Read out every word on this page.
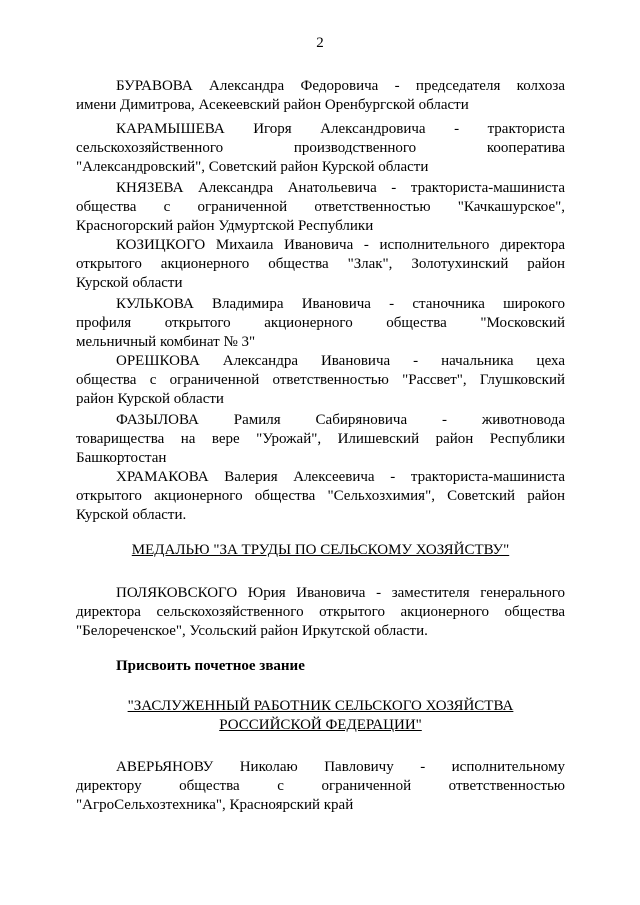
2
БУРАВОВА Александра Федоровича - председателя колхоза
имени Димитрова, Асекеевский район Оренбургской области
КАРАМЫШЕВА Игоря Александровича - тракториста
сельскохозяйственного производственного кооператива
"Александровский", Советский район Курской области
КНЯЗЕВА Александра Анатольевича - тракториста-машиниста
общества с ограниченной ответственностью "Качкашурское",
Красногорский район Удмуртской Республики
КОЗИЦКОГО Михаила Ивановича - исполнительного директора
открытого акционерного общества "Злак", Золотухинский район
Курской области
КУЛЬКОВА Владимира Ивановича - станочника широкого
профиля открытого акционерного общества "Московский
мельничный комбинат № 3"
ОРЕШКОВА Александра Ивановича - начальника цеха
общества с ограниченной ответственностью "Рассвет", Глушковский
район Курской области
ФАЗЫЛОВА Рамиля Сабиряновича - животновода
товарищества на вере "Урожай", Илишевский район Республики
Башкортостан
ХРАМАКОВА Валерия Алексеевича - тракториста-машиниста
открытого акционерного общества "Сельхозхимия", Советский район
Курской области.
МЕДАЛЬЮ "ЗА ТРУДЫ ПО СЕЛЬСКОМУ ХОЗЯЙСТВУ"
ПОЛЯКОВСКОГО Юрия Ивановича - заместителя генерального
директора сельскохозяйственного открытого акционерного общества
"Белореченское", Усольский район Иркутской области.
Присвоить почетное звание
"ЗАСЛУЖЕННЫЙ РАБОТНИК СЕЛЬСКОГО ХОЗЯЙСТВА
РОССИЙСКОЙ ФЕДЕРАЦИИ"
АВЕРЬЯНОВУ Николаю Павловичу - исполнительному
директору общества с ограниченной ответственностью
"АгроСельхозтехника", Красноярский край
